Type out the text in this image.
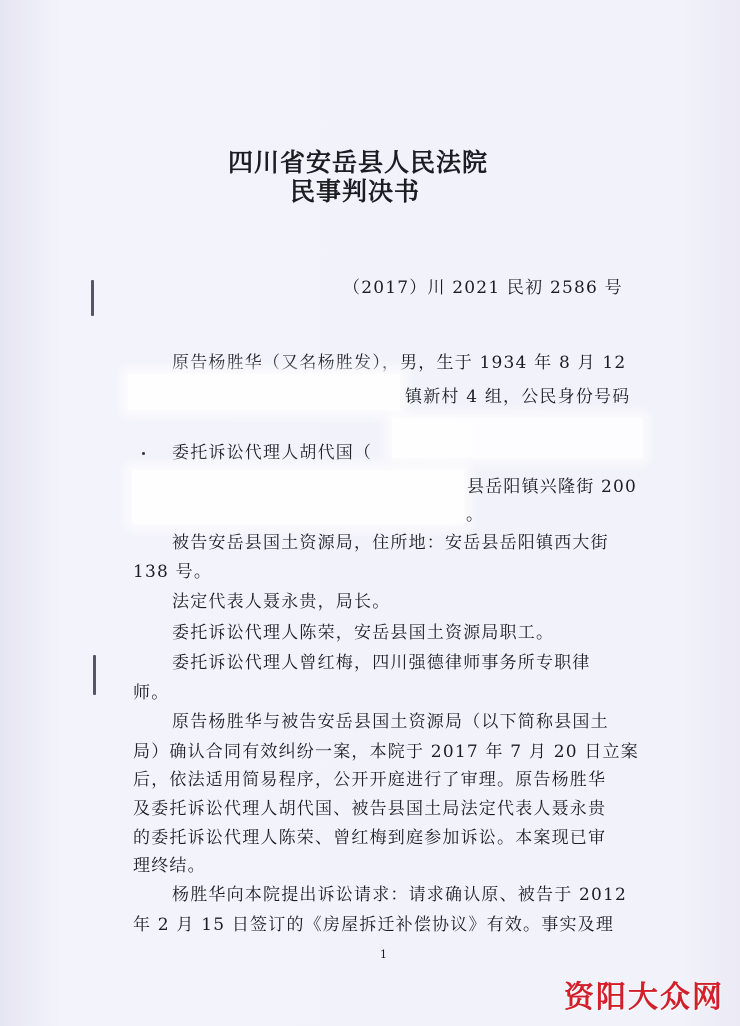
四川省安岳县人民法院
民事判决书
（2017）川 2021 民初 2586 号
原告杨胜华（又名杨胜发），男，生于 1934 年 8 月 12
镇新村 4 组，公民身份号码
委托诉讼代理人胡代国（
县岳阳镇兴隆街 200
。
被告安岳县国土资源局，住所地：安岳县岳阳镇西大街
138 号。
法定代表人聂永贵，局长。
委托诉讼代理人陈荣，安岳县国土资源局职工。
委托诉讼代理人曾红梅，四川强德律师事务所专职律
师。
原告杨胜华与被告安岳县国土资源局（以下简称县国土
局）确认合同有效纠纷一案，本院于 2017 年 7 月 20 日立案
后，依法适用简易程序，公开开庭进行了审理。原告杨胜华
及委托诉讼代理人胡代国、被告县国土局法定代表人聂永贵
的委托诉讼代理人陈荣、曾红梅到庭参加诉讼。本案现已审
理终结。
杨胜华向本院提出诉讼请求：请求确认原、被告于 2012
年 2 月 15 日签订的《房屋拆迁补偿协议》有效。事实及理
1
资阳大众网
